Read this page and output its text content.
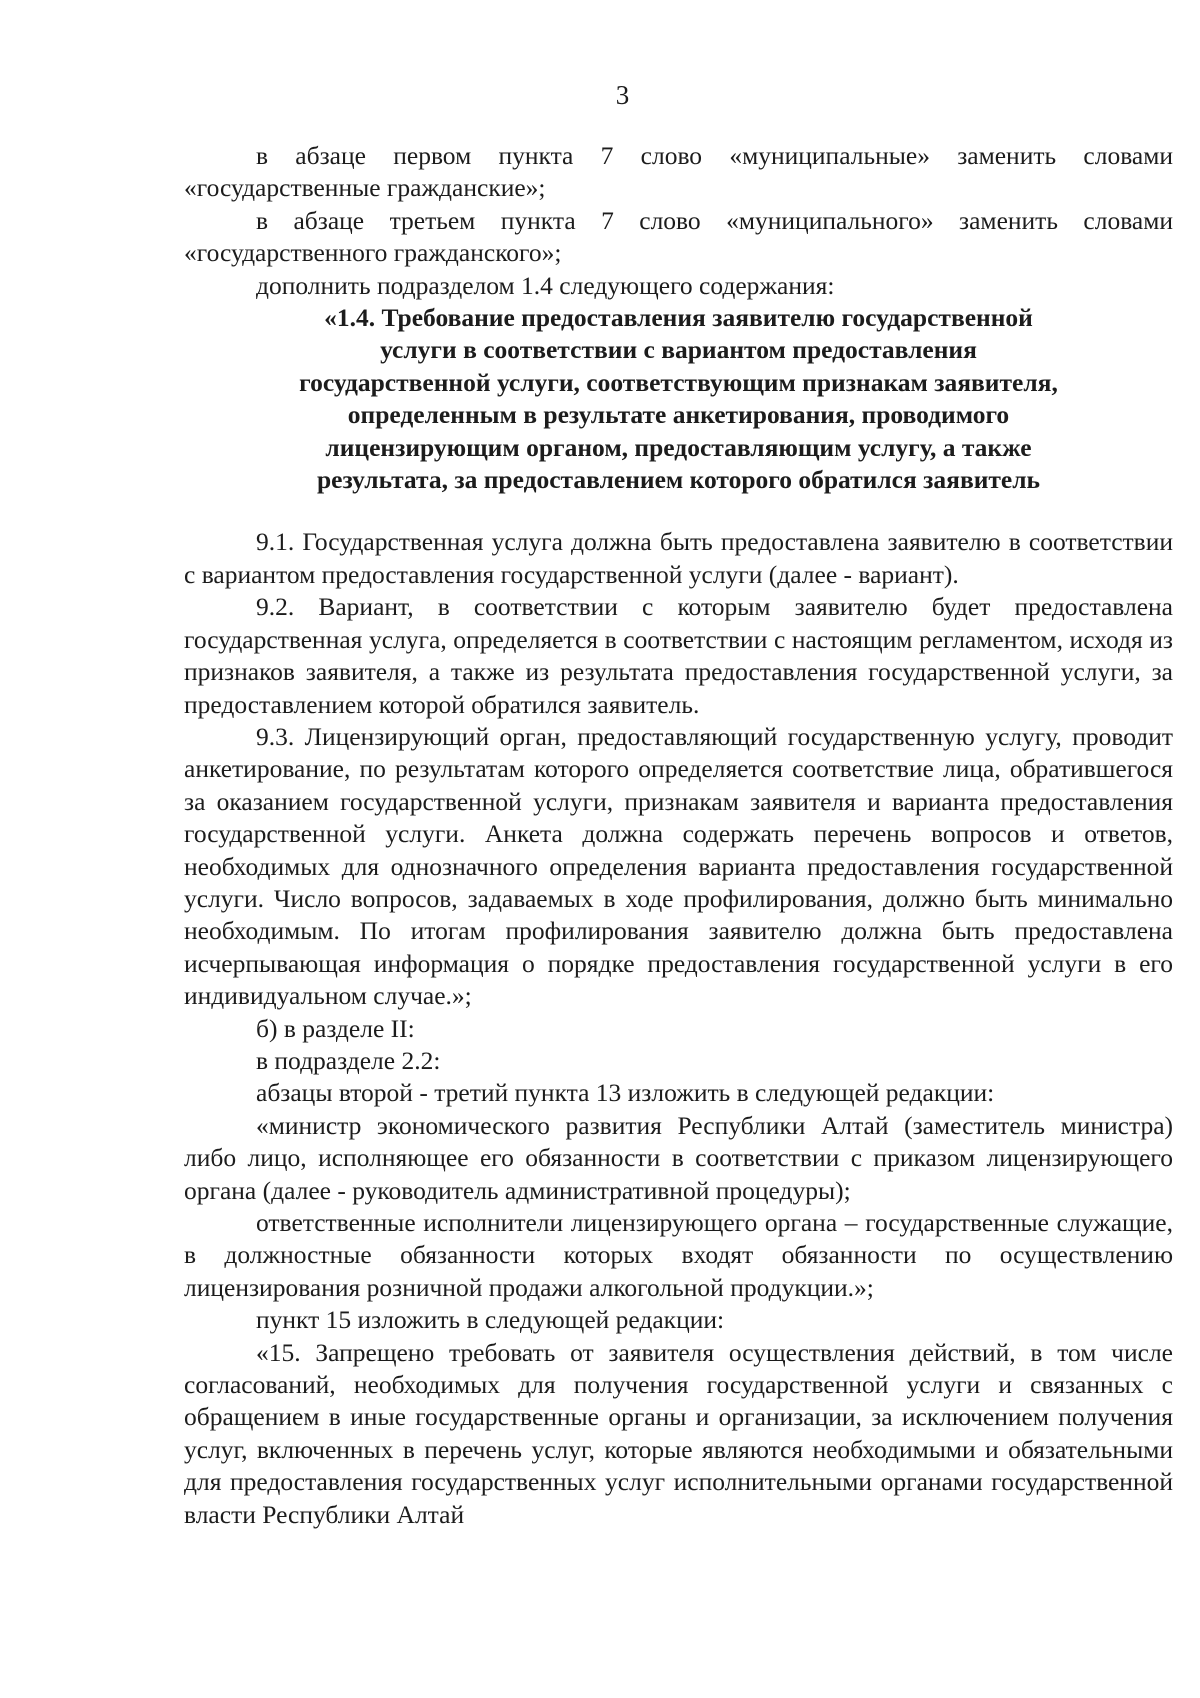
3

в абзаце первом пункта 7 слово «муниципальные» заменить словами «государственные гражданские»;

в абзаце третьем пункта 7 слово «муниципального» заменить словами «государственного гражданского»;

дополнить подразделом 1.4 следующего содержания:

«1.4. Требование предоставления заявителю государственной
услуги в соответствии с вариантом предоставления
государственной услуги, соответствующим признакам заявителя,
определенным в результате анкетирования, проводимого
лицензирующим органом, предоставляющим услугу, а также
результата, за предоставлением которого обратился заявитель

9.1. Государственная услуга должна быть предоставлена заявителю в соответствии с вариантом предоставления государственной услуги (далее - вариант).

9.2. Вариант, в соответствии с которым заявителю будет предоставлена государственная услуга, определяется в соответствии с настоящим регламентом, исходя из признаков заявителя, а также из результата предоставления государственной услуги, за предоставлением которой обратился заявитель.

9.3. Лицензирующий орган, предоставляющий государственную услугу, проводит анкетирование, по результатам которого определяется соответствие лица, обратившегося за оказанием государственной услуги, признакам заявителя и варианта предоставления государственной услуги. Анкета должна содержать перечень вопросов и ответов, необходимых для однозначного определения варианта предоставления государственной услуги. Число вопросов, задаваемых в ходе профилирования, должно быть минимально необходимым. По итогам профилирования заявителю должна быть предоставлена исчерпывающая информация о порядке предоставления государственной услуги в его индивидуальном случае.»;

б) в разделе II:

в подразделе 2.2:

абзацы второй - третий пункта 13 изложить в следующей редакции:

«министр экономического развития Республики Алтай (заместитель министра) либо лицо, исполняющее его обязанности в соответствии с приказом лицензирующего органа (далее - руководитель административной процедуры);

ответственные исполнители лицензирующего органа – государственные служащие, в должностные обязанности которых входят обязанности по осуществлению лицензирования розничной продажи алкогольной продукции.»;

пункт 15 изложить в следующей редакции:

«15. Запрещено требовать от заявителя осуществления действий, в том числе согласований, необходимых для получения государственной услуги и связанных с обращением в иные государственные органы и организации, за исключением получения услуг, включенных в перечень услуг, которые являются необходимыми и обязательными для предоставления государственных услуг исполнительными органами государственной власти Республики Алтай
